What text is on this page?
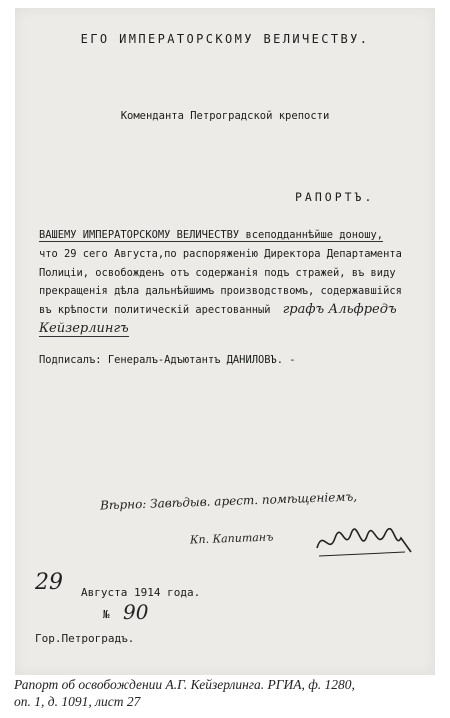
ЕГО ИМПЕРАТОРСКОМУ ВЕЛИЧЕСТВУ.
Коменданта Петроградской крепости
РАПОРТЪ.
ВАШЕМУ ИМПЕРАТОРСКОМУ ВЕЛИЧЕСТВУ всеподданнѣйше доношу,
что 29 сего Августа,по распоряженію Директора Департамента
Полиціи, освобожденъ отъ содержанія подъ стражей, въ виду
прекращенія дѣла дальнѣйшимъ производствомъ, содержавшійся
въ крѣпости политическій арестованный графъ Альфредъ
Кейзерлингъ
Подписалъ: Генералъ-Адъютантъ ДАНИЛОВЪ. -
Вѣрно: Завѣдыв. арест. помѣщеніемъ,
Кп. Капитанъ
29 Августа 1914 года.
№ 90
Гор.Петроградъ.
Рапорт об освобождении А.Г. Кейзерлинга. РГИА, ф. 1280,
оп. 1, д. 1091, лист 27
